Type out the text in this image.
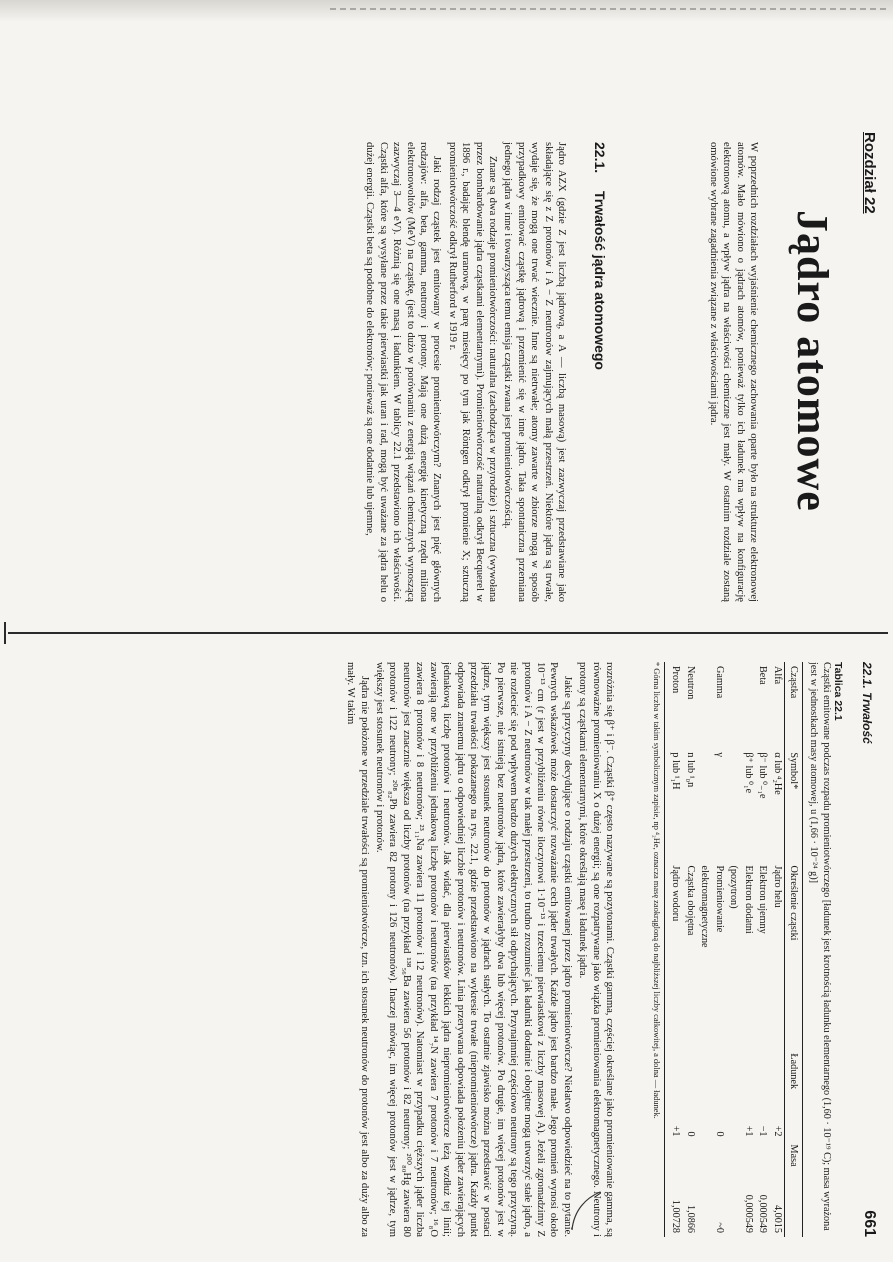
Rozdział 22
Jądro atomowe

W poprzednich rozdziałach wyjaśnienie chemicznego zachowania oparte było na strukturze elektronowej atomów. Mało mówiono o jądrach atomów, ponieważ tylko ich ładunek ma wpływ na konfigurację elektronową atomu, a wpływ jądra na właściwości chemiczne jest mały. W ostatnim rozdziale zostaną omówione wybrane zagadnienia związane z właściwościami jądra.

22.1. Trwałość jądra atomowego

Jądro AZX (gdzie Z jest liczbą jądrową, a A — liczbą masową) jest zazwyczaj przedstawiane jako składające się z Z protonów i A − Z neutronów zajmujących małą przestrzeń. Niektóre jądra są trwałe, wydaje się, że mogą one trwać wiecznie. Inne są nietrwałe; atomy zawarte w zbiorze mogą w sposób przypadkowy emitować cząstkę jądrową i przemienić się w inne jądro. Taka spontaniczna przemiana jednego jądra w inne i towarzysząca temu emisja cząstki zwana jest promieniotwórczością.

Znane są dwa rodzaje promieniotwórczości: naturalna (zachodząca w przyrodzie) i sztuczna (wywołana przez bombardowanie jądra cząstkami elementarnymi). Promieniotwórczość naturalną odkrył Becquerel w 1896 r., badając blendę uranową, w parę miesięcy po tym jak Röntgen odkrył promienie X; sztuczną promieniotwórczość odkrył Rutherford w 1919 r.

Jaki rodzaj cząstek jest emitowany w procesie promieniotwórczym? Znanych jest pięć głównych rodzajów: alfa, beta, gamma, neutrony i protony. Mają one dużą energię kinetyczną rzędu miliona elektronowoltów (MeV) na cząstkę, (jest to dużo w porównaniu z energią wiązań chemicznych wynoszącą zazwyczaj 3—4 eV). Różnią się one masą i ładunkiem. W tablicy 22.1 przedstawiono ich właściwości. Cząstki alfa, które są wysyłane przez takie pierwiastki jak uran i rad, mogą być uważane za jądra helu o dużej energii. Cząstki beta są podobne do elektronów; ponieważ są one dodatnie lub ujemne,

22.1. Trwałość
661

Tablica 22.1

Cząstki emitowane podczas rozpadu promieniotwórczego [ładunek jest krotnością ładunku elementarnego (1,60 · 10⁻¹⁹ C); masa wyrażona jest w jednostkach masy atomowej, u (1,66 · 10⁻²⁴ g)]

Cząstka	Symbol*	Określenie cząstki	Ładunek	Masa
Alfa	α lub ⁴₂He	Jądro helu	+2	4,0015
Beta	β⁻ lub ⁰₋₁e	Elektron ujemny	−1	0,000549
	β⁺ lub ⁰₁e	Elektron dodatni	+1	0,000549
		(pozytron)		
Gamma	γ	Promieniowanie	0	~0
		elektromagnetyczne		
Neutron	n lub ¹₀n	Cząstka obojętna	0	1,0866
Proton	p lub ¹₁H	Jądro wodoru	+1	1,00728

* Górna liczba w takim symbolicznym zapisie, np ⁴₂He, oznacza masę zaokrągloną do najbliższej liczby całkowitej, a dolna — ładunek.

rozróżnia się β⁺ i β⁻. Cząstki β⁺ często nazywane są pozytonami. Cząstki gamma, częściej określane jako promieniowanie gamma, są równoważne promieniowaniu X o dużej energii; są one rozpatrywane jako wiązka promieniowania elektromagnetycznego. Neutrony i protony są cząstkami elementarnymi, które określają masę i ładunek jądra.

Jakie są przyczyny decydujące o rodzaju cząstki emitowanej przez jądro promieniotwórcze? Niełatwo odpowiedzieć na to pytanie. Pewnych wskazówek może dostarczyć rozważanie cech jąder trwałych. Każde jądro jest bardzo małe. Jego promień wynosi około 10⁻¹³ cm (r jest w przybliżeniu równe iloczynowi 1·10⁻¹³ i trzeciemu pierwiastkowi z liczby masowej A). Jeżeli zgromadzimy Z protonów i A − Z neutronów w tak małej przestrzeni, to trudno zrozumieć jak ładunki dodatnie i obojętne mogą utworzyć stałe jądro, a nie rozlecieć się pod wpływem bardzo dużych elektrycznych sił odpychających. Przynajmniej częściowo neutrony są tego przyczyną. Po pierwsze, nie istnieją bez neutronów jądra, które zawierałyby dwa lub więcej protonów. Po drugie, im więcej protonów jest w jądrze, tym większy jest stosunek neutronów do protonów w jądrach stałych. To ostatnie zjawisko można przedstawić w postaci przedziału trwałości pokazanego na rys. 22.1, gdzie przedstawiono na wykresie trwałe (niepromieniotwórcze) jądra. Każdy punkt odpowiada znanemu jądru o odpowiedniej liczbie protonów i neutronów. Linia przerywana odpowiada położeniu jąder zawierających jednakową liczbę protonów i neutronów. Jak widać, dla pierwiastków lekkich jądra niepromieniotwórcze leżą wzdłuż tej linii; zawierają one w przybliżeniu jednakową liczbę protonów i neutronów (na przykład ¹⁴₇N zawiera 7 protonów i 7 neutronów; ¹⁶₈O zawiera 8 protonów i 8 neutronów; ²³₁₁Na zawiera 11 protonów i 12 neutronów). Natomiast w przypadku cięższych jąder liczba neutronów jest znacznie większa od liczby protonów (na przykład ¹³⁸₅₆Ba zawiera 56 protonów i 82 neutrony; ²⁰⁰₈₀Hg zawiera 80 protonów i 122 neutrony; ²⁰⁸₈₂Pb zawiera 82 protony i 126 neutronów). Inaczej mówiąc, im więcej protonów jest w jądrze, tym większy jest stosunek neutronów i protonów.

Jądra nie położone w przedziale trwałości są promieniotwórcze, tzn. ich stosunek neutronów do protonów jest albo za duży albo za mały. W takim
